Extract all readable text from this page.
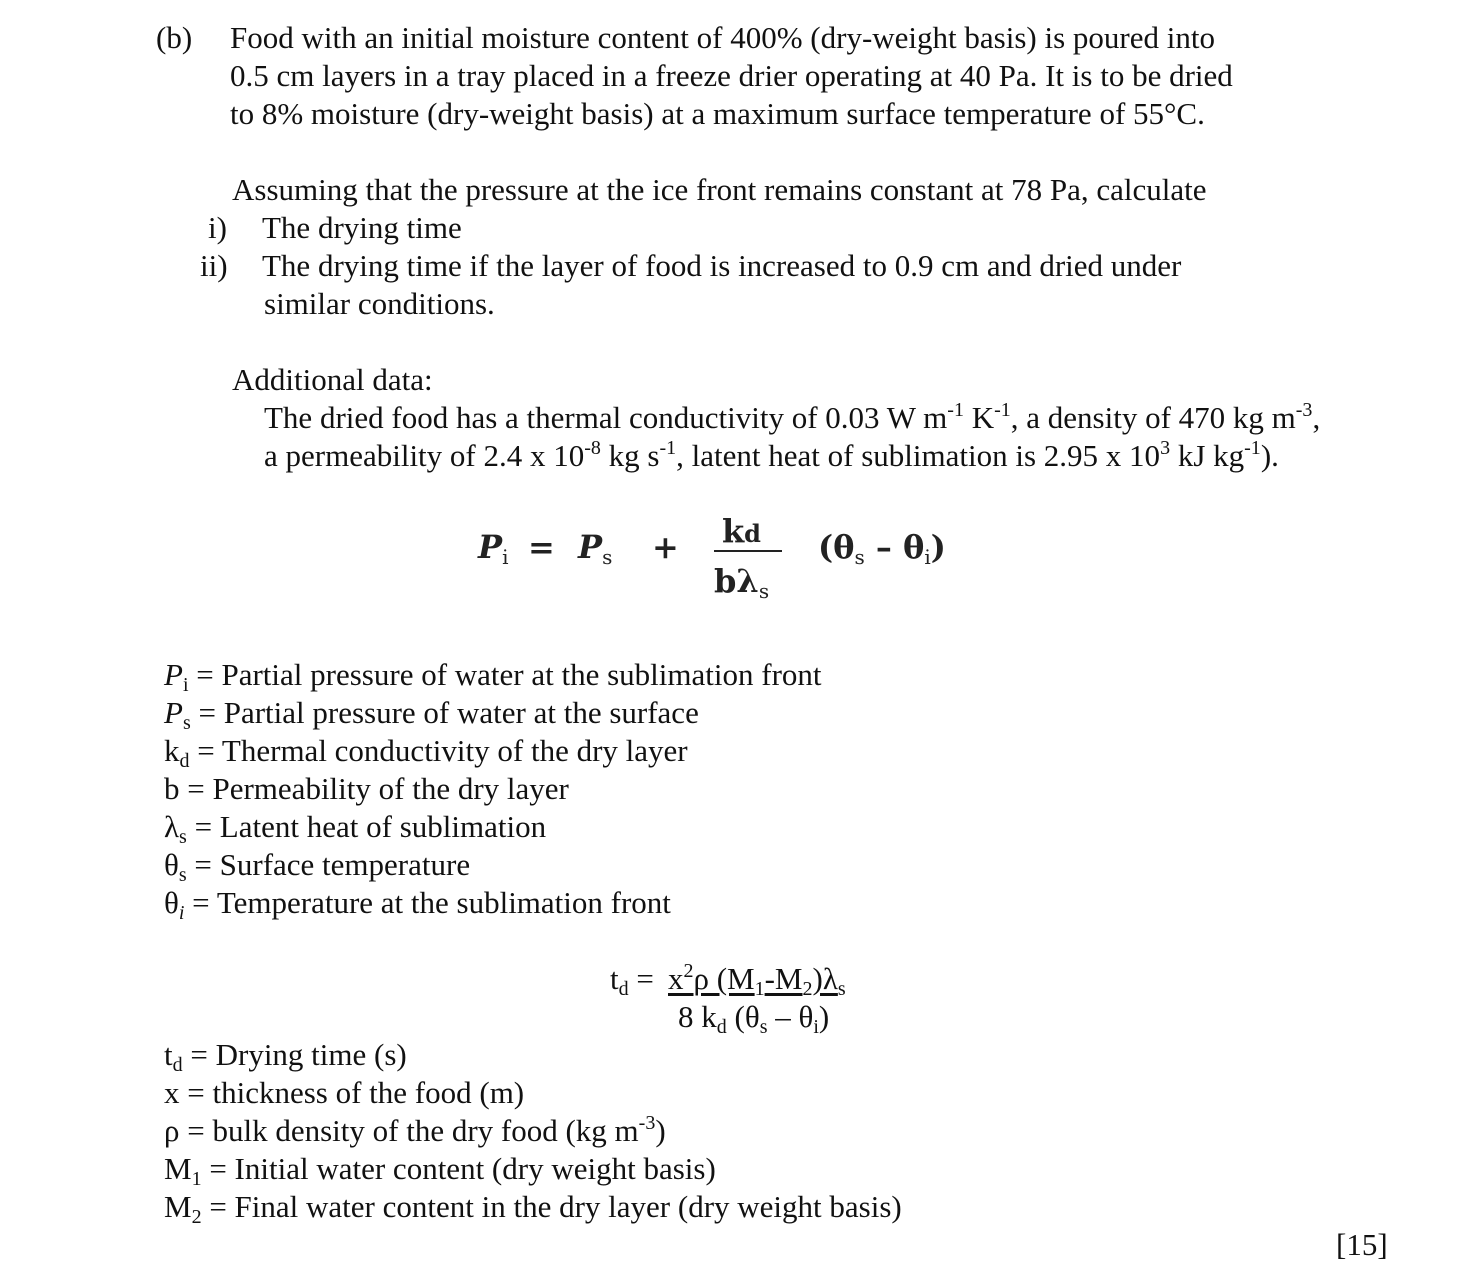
(b) Food with an initial moisture content of 400% (dry-weight basis) is poured into
0.5 cm layers in a tray placed in a freeze drier operating at 40 Pa. It is to be dried
to 8% moisture (dry-weight basis) at a maximum surface temperature of 55°C.
Assuming that the pressure at the ice front remains constant at 78 Pa, calculate
i) The drying time
ii) The drying time if the layer of food is increased to 0.9 cm and dried under
similar conditions.
Additional data:
The dried food has a thermal conductivity of 0.03 W $m^{-1}$ $K^{-1}$, a density of 470 kg $m^{-3}$,
a permeability of 2.4 x $10^{-8}$ kg $s^{-1}$, latent heat of sublimation is 2.95 x $10^3$ kJ $kg^{-1}$).
$P_i = P_s$ + kd
$b\lambda_s$
$(\theta_s - \theta_i)$
$P_i$ = Partial pressure of water at the sublimation front
$P_s$ = Partial pressure of water at the surface
$k_d$ = Thermal conductivity of the dry layer
b = Permeability of the dry layer
$\lambda_s$ = Latent heat of sublimation
$\theta_s$ = Surface temperature
$\theta_i$ = Temperature at the sublimation front
$t_d = x^2\rho$ $(M_1-M_2)\lambda_s$
8 $k_d$ $(\theta_s - \theta_i)$
$t_d$ = Drying time (s)
x = thickness of the food (m)
ρ = bulk density of the dry food (kg $m^{-3}$)
$M_1$ = Initial water content (dry weight basis)
$M_2$ = Final water content in the dry layer (dry weight basis)
[15]
